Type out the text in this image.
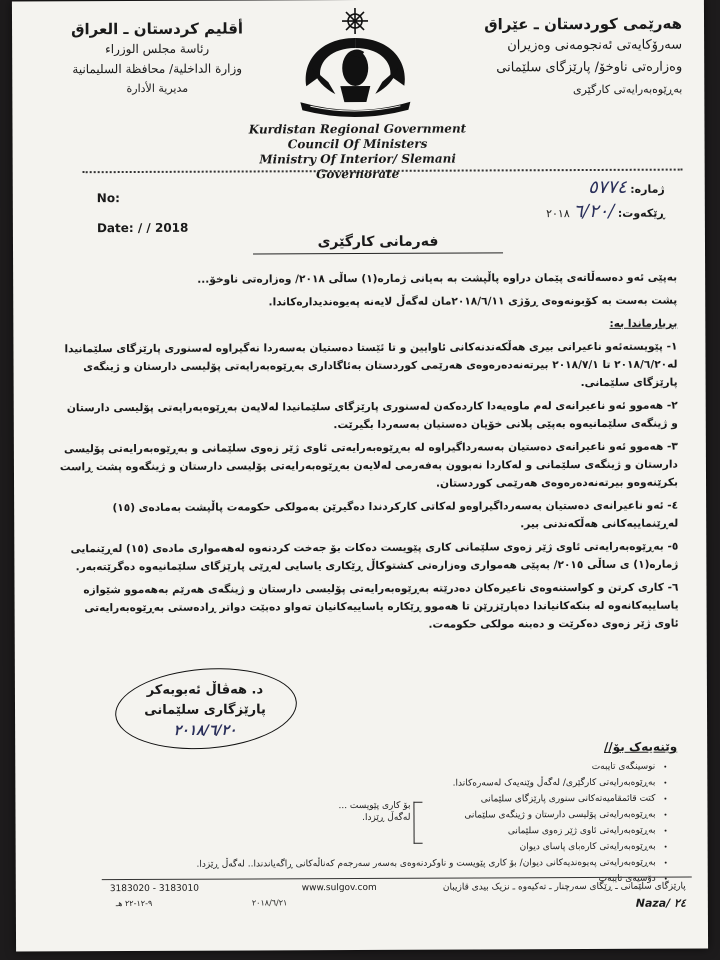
هەرێمی کوردستان ـ عێراق
سەرۆکایەتی ئەنجومەنی وەزیران
وەزارەتی ناوخۆ/ پارێزگای سلێمانی
بەڕێوەبەرایەتی کارگێری
أقليم كردستان ـ العراق
رئاسة مجلس الوزراء
وزارة الداخلية/ محافظة السليمانية
مديرية الأدارة
Kurdistan Regional Government
Council Of Ministers
Ministry Of Interior/ Slemani Governorate
No:
Date: / / 2018
ژمارە: ٥٧٧٤
ڕێکەوت: /٦/٢٠ ٢٠١٨
فەرمانی کارگێری

بەپێی ئەو دەسەڵاتەی پێمان دراوە پاڵپشت بە بەیانی ژمارە(١) ساڵی ٢٠١٨/ وەزارەتی ناوخۆ...

پشت بەست بە کۆبونەوەی ڕۆژی ٢٠١٨/٦/١١مان لەگەڵ لایەنە پەیوەندیدارەکاندا.

بڕیارماندا بە:

١- پێویستەئەو ناعیرانی بیری هەڵکەندنەکانی ئاوایین و تا ئێستا دەستیان بەسەردا نەگیراوە لەسنوری پارێزگای سلێمانیدا لە٢٠١٨/٦/٢٠ تا ٢٠١٨/٧/١ بیرتەنەدەرەوەی هەرێمی کوردستان بەئاگاداری بەڕێوەبەرایەتی پۆلیسی دارستان و ژینگەی پارێزگای سلێمانی.

٢- هەموو ئەو ناعیرانەی لەم ماوەیەدا کاردەکەن لەسنوری پارێزگای سلێمانیدا لەلایەن بەڕێوەبەرایەتی پۆلیسی دارستان و ژینگەی سلێمانیەوە بەپێی پلانی خۆیان دەستیان بەسەردا بگیرێت.

٣- هەموو ئەو ناعیرانەی دەستیان بەسەرداگیراوە لە بەڕێوەبەرایەتی ئاوی ژێر زەوی سلێمانی و بەڕێوەبەرایەتی پۆلیسی دارستان و ژینگەی سلێمانی و لەکاردا نەبوون بەفەرمی لەلایەن بەڕێوەبەرایەتی پۆلیسی دارستان و ژینگەوە پشت ڕاست بکرێنەوەو بیرتەنەدەرەوەی هەرێمی کوردستان.

٤- ئەو ناعیرانەی دەستیان بەسەرداگیراوەو لەکاتی کارکردندا دەگیرێن بەمولکی حکومەت پاڵپشت بەمادەی (١٥) لەڕێنماییەکانی هەڵکەندنی بیر.

٥- بەڕێوەبەرایەتی ئاوی ژێر زەوی سلێمانی کاری پێویست دەکات بۆ جەخت کردنەوە لەهەمواری مادەی (١٥) لەڕێنمایی ژمارە(١) ی ساڵی ٢٠١٥/ بەپێی هەمواری وەزارەتی کشتوکاڵ ڕێکاری یاسایی لەڕێی پارێزگای سلێمانیەوە دەگرێتەبەر.

٦- کاری کرتن و کواستنەوەی ناعیرەکان دەدرێتە بەڕێوەبەرایەتی پۆلیسی دارستان و ژینگەی هەرێم بەهەموو شێوازە یاساییەکانەوە لە بنکەکانیاندا دەپارێزرێن تا هەموو ڕێکارە یاساییەکانیان تەواو دەبێت دواتر ڕادەستی بەڕێوەبەرایەتی ئاوی ژێر زەوی دەکرێت و دەبنە مولکی حکومەت.

د. هەڤاڵ ئەبوبەکر
پارێزگاری سلێمانی
٢٠١٨/٦/٢٠
وێنەیەک بۆ//
• نوسینگەی تایبەت
• بەڕێوەبەرایەتی کارگێری/ لەگەڵ وێنەیەک لەسەرەکاندا.
• کتت قائمقامیەتەکانی سنوری پارێزگای سلێمانی
• بەڕێوەبەرایەتی پۆلیسی دارستان و ژینگەی سلێمانی
• بەڕێوەبەرایەتی ئاوی ژێر زەوی سلێمانی
• بەڕێوەبەرایەتی کارەبای پاسای دیوان
• بەڕێوەبەرایەتی پەیوەندیەکانی دیوان/ بۆ کاری پێویست و ناوکردنەوەی بەسەر سەرجەم کەناڵەکانی ڕاگەیاندندا.. لەگەڵ ڕێزدا.
• دۆسیەی تایبەت
بۆ کاری پێویست ... لەگەڵ ڕێزدا.
3183020 - 3183010	www.sulgov.com	پارێزگای سلێمانی ـ ڕێگای سەرچنار ـ تەکیەوە ـ نزیک بیدی قازیبان
٩-١٢-٢٢ هـ	٢٠١٨/٦/٢١	Naza/ ٢٤
